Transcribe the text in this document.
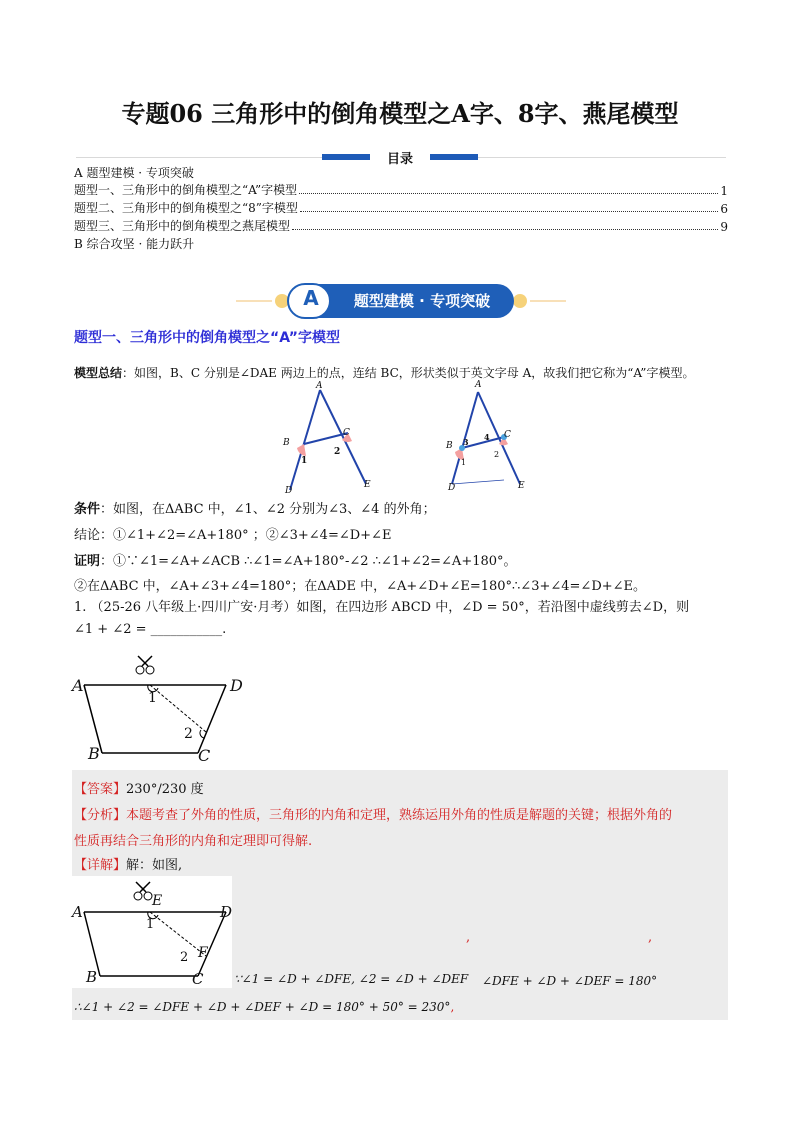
专题06 三角形中的倒角模型之A字、8字、燕尾模型
目录
A 题型建模 · 专项突破
题型一、三角形中的倒角模型之“A”字模型	1
题型二、三角形中的倒角模型之“8”字模型	6
题型三、三角形中的倒角模型之燕尾模型	9
B 综合攻坚 · 能力跃升
A	题型建模 · 专项突破
题型一、三角形中的倒角模型之“A”字模型
模型总结：如图，B、C 分别是∠DAE 两边上的点，连结 BC，形状类似于英文字母 A，故我们把它称为“A”字模型。
A
B
C
D
E
1
2
A
B
C
D	E
3 4
1
2
条件：如图，在ΔABC 中，∠1、∠2 分别为∠3、∠4 的外角；
结论：①∠1+∠2=∠A+180° ；②∠3+∠4=∠D+∠E
证明：①∵∠1=∠A+∠ACB ∴∠1=∠A+180°-∠2 ∴∠1+∠2=∠A+180°。
②在ΔABC 中，∠A+∠3+∠4=180°；在ΔADE 中，∠A+∠D+∠E=180°∴∠3+∠4=∠D+∠E。
1. （25-26 八年级上·四川广安·月考）如图，在四边形 ABCD 中，∠D = 50°，若沿图中虚线剪去∠D，则
∠1 + ∠2 = ___________.
A	D
B	C
1
2
【答案】230°/230 度
【分析】本题考查了外角的性质，三角形的内角和定理，熟练运用外角的性质是解题的关键；根据外角的
性质再结合三角形的内角和定理即可得解.
【详解】解：如图,
A	D
B	C
E
F
1
2
,	,
∵∠1 = ∠D + ∠DFE, ∠2 = ∠D + ∠DEF ∠DFE + ∠D + ∠DEF = 180°
∴∠1 + ∠2 = ∠DFE + ∠D + ∠DEF + ∠D = 180° + 50° = 230°,
